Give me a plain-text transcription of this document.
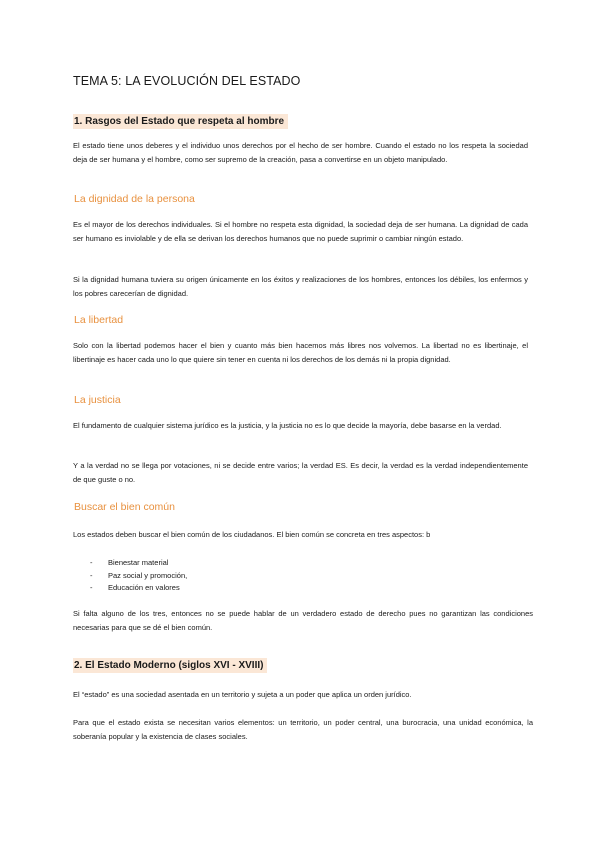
TEMA 5: LA EVOLUCIÓN DEL ESTADO
1. Rasgos del Estado que respeta al hombre
El estado tiene unos deberes y el individuo unos derechos por el hecho de ser hombre. Cuando el estado no los respeta la sociedad deja de ser humana y el hombre, como ser supremo de la creación, pasa a convertirse en un objeto manipulado.
La dignidad de la persona
Es el mayor de los derechos individuales. Si el hombre no respeta esta dignidad, la sociedad deja de ser humana. La dignidad de cada ser humano es inviolable y de ella se derivan los derechos humanos que no puede suprimir o cambiar ningún estado.
Si la dignidad humana tuviera su origen únicamente en los éxitos y realizaciones de los hombres, entonces los débiles, los enfermos y los pobres carecerían de dignidad.
La libertad
Solo con la libertad podemos hacer el bien y cuanto más bien hacemos más libres nos volvemos. La libertad no es libertinaje, el libertinaje es hacer cada uno lo que quiere sin tener en cuenta ni los derechos de los demás ni la propia dignidad.
La justicia
El fundamento de cualquier sistema jurídico es la justicia, y la justicia no es lo que decide la mayoría, debe basarse en la verdad.
Y a la verdad no se llega por votaciones, ni se decide entre varios; la verdad ES. Es decir, la verdad es la verdad independientemente de que guste o no.
Buscar el bien común
Los estados deben buscar el bien común de los ciudadanos. El bien común se concreta en tres aspectos: b
-	Bienestar material
-	Paz social y promoción,
-	Educación en valores
Si falta alguno de los tres, entonces no se puede hablar de un verdadero estado de derecho pues no garantizan las condiciones necesarias para que se dé el bien común.
2. El Estado Moderno (siglos XVI - XVIII)
El “estado” es una sociedad asentada en un territorio y sujeta a un poder que aplica un orden jurídico.
Para que el estado exista se necesitan varios elementos: un territorio, un poder central, una burocracia, una unidad económica, la soberanía popular y la existencia de clases sociales.
